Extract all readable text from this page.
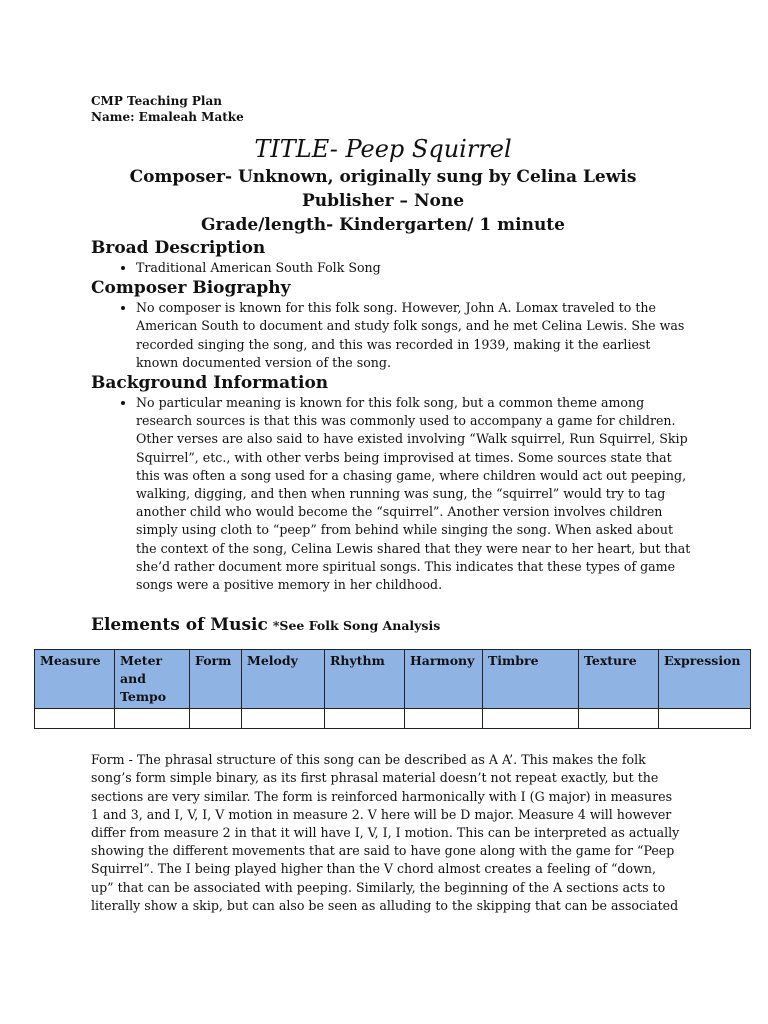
CMP Teaching Plan
Name: Emaleah Matke
TITLE- Peep Squirrel
Composer- Unknown, originally sung by Celina Lewis
Publisher – None
Grade/length- Kindergarten/ 1 minute
Broad Description
• Traditional American South Folk Song
Composer Biography
• No composer is known for this folk song. However, John A. Lomax traveled to the American South to document and study folk songs, and he met Celina Lewis. She was recorded singing the song, and this was recorded in 1939, making it the earliest known documented version of the song.
Background Information
• No particular meaning is known for this folk song, but a common theme among research sources is that this was commonly used to accompany a game for children. Other verses are also said to have existed involving “Walk squirrel, Run Squirrel, Skip Squirrel”, etc., with other verbs being improvised at times. Some sources state that this was often a song used for a chasing game, where children would act out peeping, walking, digging, and then when running was sung, the “squirrel” would try to tag another child who would become the “squirrel”. Another version involves children simply using cloth to “peep” from behind while singing the song. When asked about the context of the song, Celina Lewis shared that they were near to her heart, but that she’d rather document more spiritual songs. This indicates that these types of game songs were a positive memory in her childhood.
Elements of Music *See Folk Song Analysis
Measure	Meter and Tempo	Form	Melody	Rhythm	Harmony	Timbre	Texture	Expression

Form - The phrasal structure of this song can be described as A A’. This makes the folk song’s form simple binary, as its first phrasal material doesn’t not repeat exactly, but the sections are very similar. The form is reinforced harmonically with I (G major) in measures 1 and 3, and I, V, I, V motion in measure 2. V here will be D major. Measure 4 will however differ from measure 2 in that it will have I, V, I, I motion. This can be interpreted as actually showing the different movements that are said to have gone along with the game for “Peep Squirrel”. The I being played higher than the V chord almost creates a feeling of “down, up” that can be associated with peeping. Similarly, the beginning of the A sections acts to literally show a skip, but can also be seen as alluding to the skipping that can be associated
